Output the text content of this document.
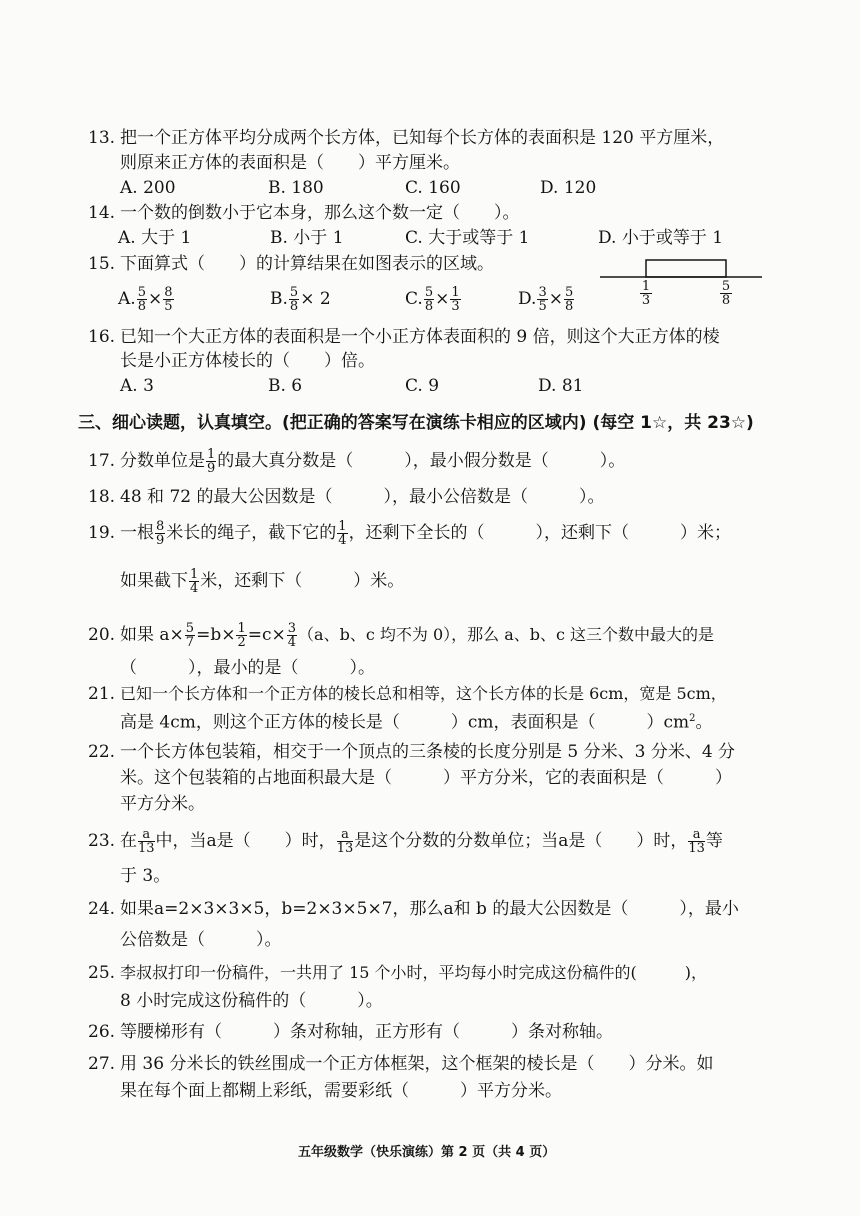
13. 把一个正方体平均分成两个长方体，已知每个长方体的表面积是 120 平方厘米，
则原来正方体的表面积是（　　）平方厘米。
A. 200	B. 180	C. 160	D. 120
14. 一个数的倒数小于它本身，那么这个数一定（　　）。
A. 大于 1	B. 小于 1	C. 大于或等于 1	D. 小于或等于 1
15. 下面算式（　　）的计算结果在如图表示的区域。
A. $\frac{5}{8} \times \frac{8}{5}$	B. $\frac{5}{8} \times 2$	C. $\frac{5}{8} \times \frac{1}{3}$	D. $\frac{3}{5} \times \frac{5}{8}$	1
3
5
8
16. 已知一个大正方体的表面积是一个小正方体表面积的 9 倍，则这个大正方体的棱
长是小正方体棱长的（　　）倍。
A. 3	B. 6	C. 9	D. 81
三、细心读题，认真填空。(把正确的答案写在演练卡相应的区域内) (每空 1☆，共 23☆)
17. 分数单位是 $\frac{1}{9}$ 的最大真分数是（　　　），最小假分数是（　　　）。
18. 48 和 72 的最大公因数是（　　　），最小公倍数是（　　　）。
19. 一根 $\frac{8}{9}$ 米长的绳子，截下它的 $\frac{1}{4}$ ，还剩下全长的（　　　），还剩下（　　　）米；
如果截下 $\frac{1}{4}$ 米，还剩下（　　　）米。
20. 如果 $a\times \frac{5}{7} =b\times \frac{1}{2} =c\times \frac{3}{4} (a$、b、c 均不为 0），那么 a、b、c 这三个数中最大的是
（　　　），最小的是（　　　）。
21. 已知一个长方体和一个正方体的棱长总和相等，这个长方体的长是 6cm，宽是 5cm，
高是 4cm，则这个正方体的棱长是（　　　）cm，表面积是（　　　）$cm^2$。
22. 一个长方体包装箱，相交于一个顶点的三条棱的长度分别是 5 分米、3 分米、4 分
米。这个包装箱的占地面积最大是（　　　）平方分米，它的表面积是（　　　）
平方分米。
23. 在 $\frac{a}{13}$ 中，当a是（　　）时， $\frac{a}{13}$ 是这个分数的分数单位；当a是（　　）时， $\frac{a}{13}$ 等
于 3。
24. 如果a=2×3×3×5，b=2×3×5×7，那么a和 b 的最大公因数是（　　　），最小
公倍数是（　　　）。
25. 李叔叔打印一份稿件，一共用了 15 个小时，平均每小时完成这份稿件的(　　　)，
8 小时完成这份稿件的（　　　）。
26. 等腰梯形有（　　　）条对称轴，正方形有（　　　）条对称轴。
27. 用 36 分米长的铁丝围成一个正方体框架，这个框架的棱长是（　　）分米。如
果在每个面上都糊上彩纸，需要彩纸（　　　）平方分米。
五年级数学（快乐演练）第 2 页（共 4 页）
